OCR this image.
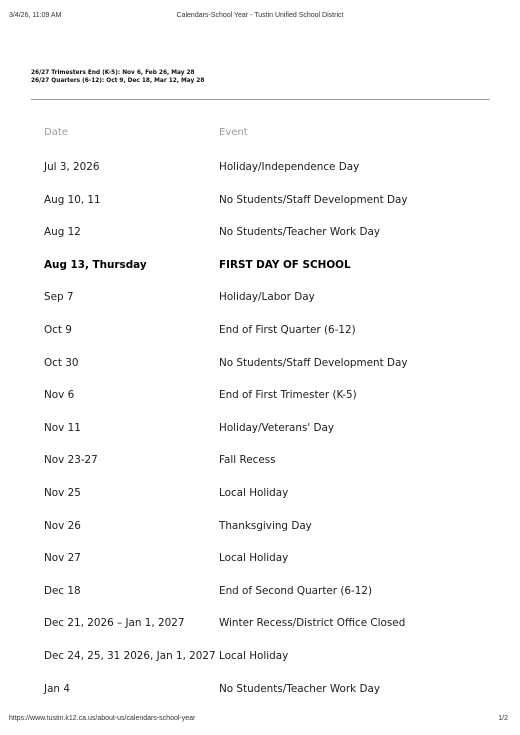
3/4/26, 11:09 AM	Calendars-School Year - Tustin Unified School District
26/27 Trimesters End (K-5): Nov 6, Feb 26, May 28
26/27 Quarters (6-12): Oct 9, Dec 18, Mar 12, May 28
Date	Event
Jul 3, 2026	Holiday/Independence Day
Aug 10, 11	No Students/Staff Development Day
Aug 12	No Students/Teacher Work Day
Aug 13, Thursday	FIRST DAY OF SCHOOL
Sep 7	Holiday/Labor Day
Oct 9	End of First Quarter (6-12)
Oct 30	No Students/Staff Development Day
Nov 6	End of First Trimester (K-5)
Nov 11	Holiday/Veterans' Day
Nov 23-27	Fall Recess
Nov 25	Local Holiday
Nov 26	Thanksgiving Day
Nov 27	Local Holiday
Dec 18	End of Second Quarter (6-12)
Dec 21, 2026 – Jan 1, 2027	Winter Recess/District Office Closed
Dec 24, 25, 31 2026, Jan 1, 2027 Local Holiday
Jan 4	No Students/Teacher Work Day
https://www.tustin.k12.ca.us/about-us/calendars-school-year	1/2
